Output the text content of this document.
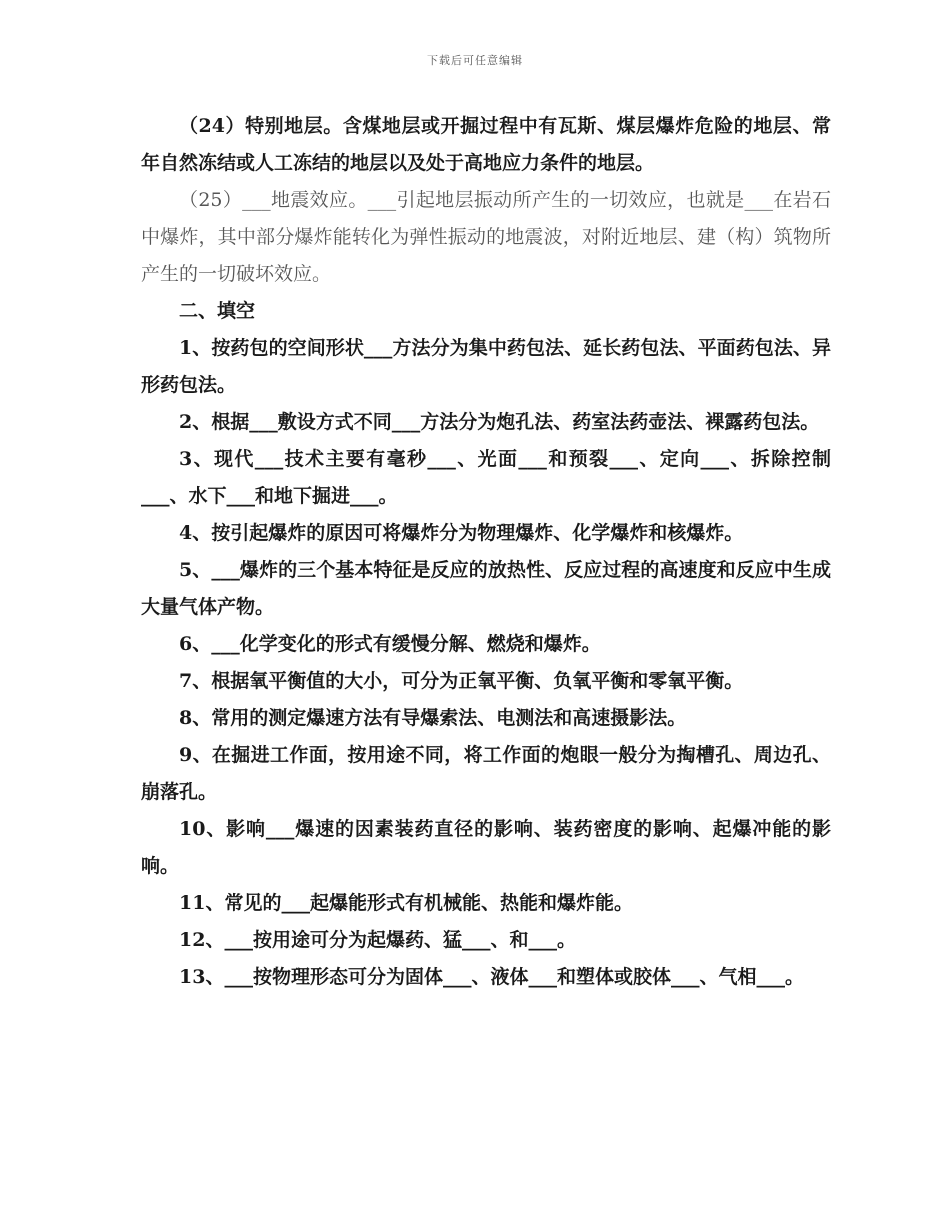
下载后可任意编辑

（24）特别地层。含煤地层或开掘过程中有瓦斯、煤层爆炸危险的地层、常年自然冻结或人工冻结的地层以及处于高地应力条件的地层。

（25）___地震效应。___引起地层振动所产生的一切效应，也就是___在岩石中爆炸，其中部分爆炸能转化为弹性振动的地震波，对附近地层、建（构）筑物所产生的一切破坏效应。

二、填空

1、按药包的空间形状___方法分为集中药包法、延长药包法、平面药包法、异形药包法。

2、根据___敷设方式不同___方法分为炮孔法、药室法药壶法、裸露药包法。

3、现代___技术主要有毫秒___、光面___和预裂___、定向___、拆除控制___、水下___和地下掘进___。

4、按引起爆炸的原因可将爆炸分为物理爆炸、化学爆炸和核爆炸。

5、___爆炸的三个基本特征是反应的放热性、反应过程的高速度和反应中生成大量气体产物。

6、___化学变化的形式有缓慢分解、燃烧和爆炸。

7、根据氧平衡值的大小，可分为正氧平衡、负氧平衡和零氧平衡。

8、常用的测定爆速方法有导爆索法、电测法和高速摄影法。

9、在掘进工作面，按用途不同，将工作面的炮眼一般分为掏槽孔、周边孔、崩落孔。

10、影响___爆速的因素装药直径的影响、装药密度的影响、起爆冲能的影响。

11、常见的___起爆能形式有机械能、热能和爆炸能。

12、___按用途可分为起爆药、猛___、和___。

13、___按物理形态可分为固体___、液体___和塑体或胶体___、气相___。
